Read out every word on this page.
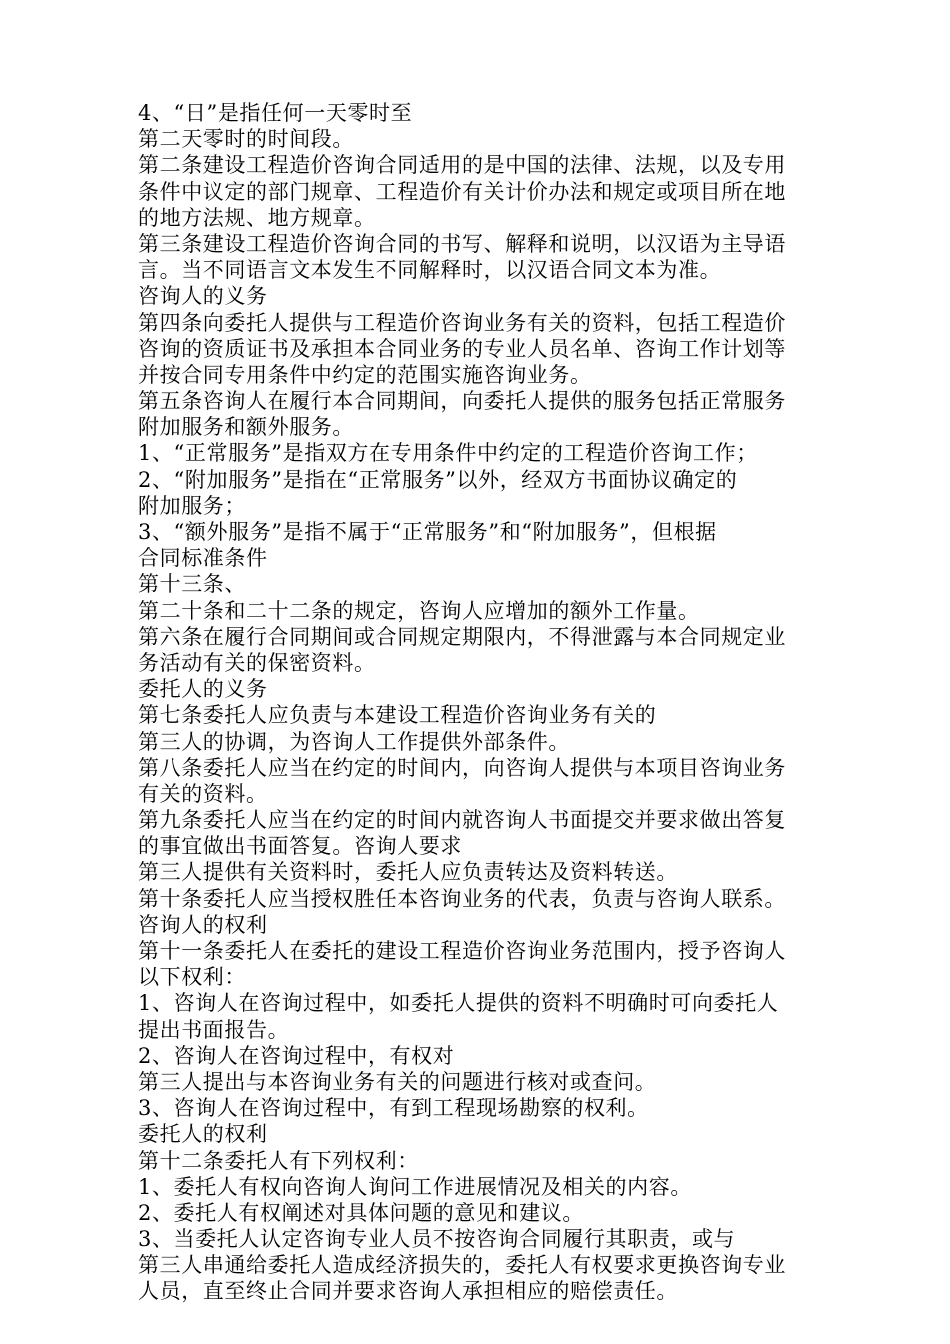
4、“日”是指任何一天零时至
第二天零时的时间段。
第二条建设工程造价咨询合同适用的是中国的法律、法规，以及专用
条件中议定的部门规章、工程造价有关计价办法和规定或项目所在地
的地方法规、地方规章。
第三条建设工程造价咨询合同的书写、解释和说明，以汉语为主导语
言。当不同语言文本发生不同解释时，以汉语合同文本为准。
咨询人的义务
第四条向委托人提供与工程造价咨询业务有关的资料，包括工程造价
咨询的资质证书及承担本合同业务的专业人员名单、咨询工作计划等
并按合同专用条件中约定的范围实施咨询业务。
第五条咨询人在履行本合同期间，向委托人提供的服务包括正常服务
附加服务和额外服务。
1、“正常服务”是指双方在专用条件中约定的工程造价咨询工作；
2、“附加服务”是指在“正常服务”以外，经双方书面协议确定的
附加服务；
3、“额外服务”是指不属于“正常服务”和“附加服务”，但根据
合同标准条件
第十三条、
第二十条和二十二条的规定，咨询人应增加的额外工作量。
第六条在履行合同期间或合同规定期限内，不得泄露与本合同规定业
务活动有关的保密资料。
委托人的义务
第七条委托人应负责与本建设工程造价咨询业务有关的
第三人的协调，为咨询人工作提供外部条件。
第八条委托人应当在约定的时间内，向咨询人提供与本项目咨询业务
有关的资料。
第九条委托人应当在约定的时间内就咨询人书面提交并要求做出答复
的事宜做出书面答复。咨询人要求
第三人提供有关资料时，委托人应负责转达及资料转送。
第十条委托人应当授权胜任本咨询业务的代表，负责与咨询人联系。
咨询人的权利
第十一条委托人在委托的建设工程造价咨询业务范围内，授予咨询人
以下权利：
1、咨询人在咨询过程中，如委托人提供的资料不明确时可向委托人
提出书面报告。
2、咨询人在咨询过程中，有权对
第三人提出与本咨询业务有关的问题进行核对或查问。
3、咨询人在咨询过程中，有到工程现场勘察的权利。
委托人的权利
第十二条委托人有下列权利：
1、委托人有权向咨询人询问工作进展情况及相关的内容。
2、委托人有权阐述对具体问题的意见和建议。
3、当委托人认定咨询专业人员不按咨询合同履行其职责，或与
第三人串通给委托人造成经济损失的，委托人有权要求更换咨询专业
人员，直至终止合同并要求咨询人承担相应的赔偿责任。
